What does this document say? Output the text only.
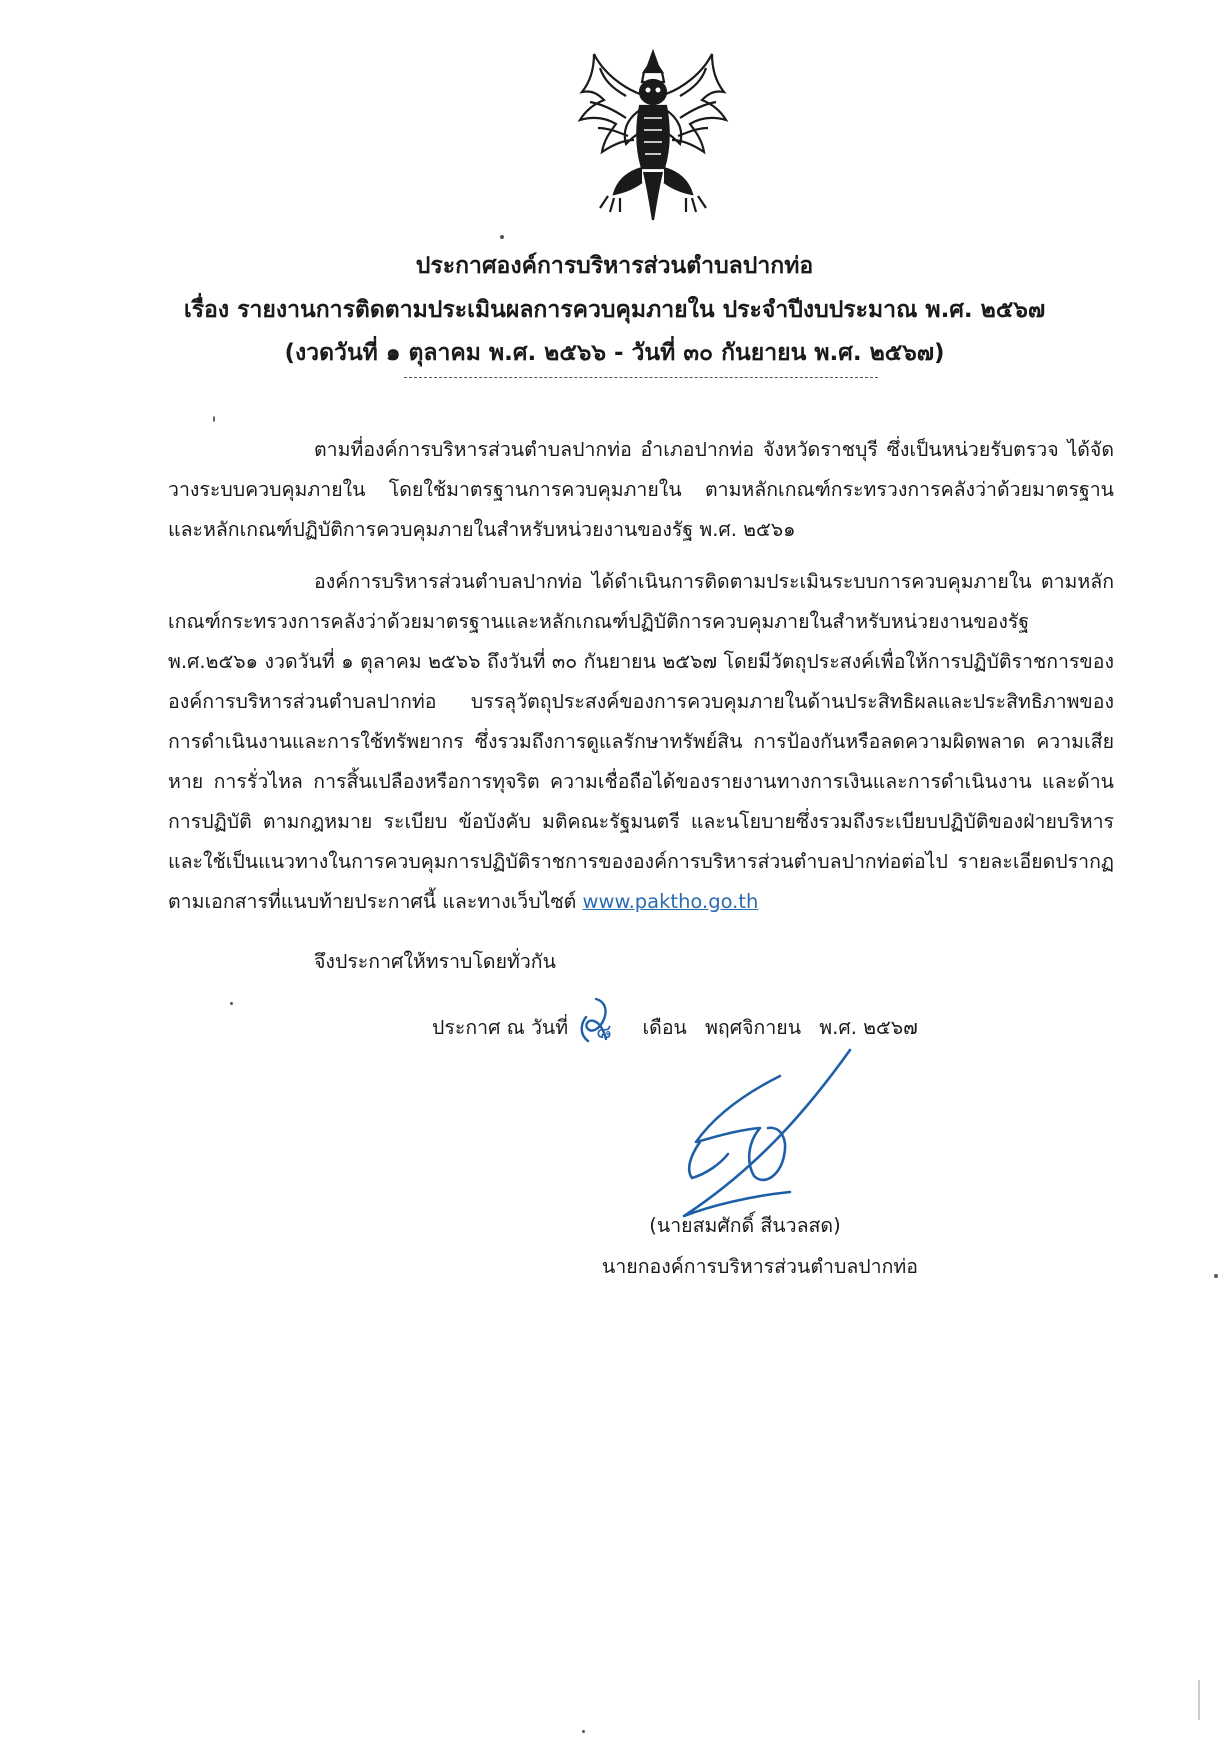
ประกาศองค์การบริหารส่วนตำบลปากท่อ
เรื่อง รายงานการติดตามประเมินผลการควบคุมภายใน ประจำปีงบประมาณ พ.ศ. ๒๕๖๗
(งวดวันที่ ๑ ตุลาคม พ.ศ. ๒๕๖๖ - วันที่ ๓๐ กันยายน พ.ศ. ๒๕๖๗)
ตามที่องค์การบริหารส่วนตำบลปากท่อ อำเภอปากท่อ จังหวัดราชบุรี ซึ่งเป็นหน่วยรับตรวจ ได้จัดวางระบบควบคุมภายใน โดยใช้มาตรฐานการควบคุมภายใน ตามหลักเกณฑ์กระทรวงการคลังว่าด้วยมาตรฐานและหลักเกณฑ์ปฏิบัติการควบคุมภายในสำหรับหน่วยงานของรัฐ พ.ศ. ๒๕๖๑
องค์การบริหารส่วนตำบลปากท่อ ได้ดำเนินการติดตามประเมินระบบการควบคุมภายใน ตามหลักเกณฑ์กระทรวงการคลังว่าด้วยมาตรฐานและหลักเกณฑ์ปฏิบัติการควบคุมภายในสำหรับหน่วยงานของรัฐ พ.ศ.๒๕๖๑ งวดวันที่ ๑ ตุลาคม ๒๕๖๖ ถึงวันที่ ๓๐ กันยายน ๒๕๖๗ โดยมีวัตถุประสงค์เพื่อให้การปฏิบัติราชการขององค์การบริหารส่วนตำบลปากท่อ บรรลุวัตถุประสงค์ของการควบคุมภายในด้านประสิทธิผลและประสิทธิภาพของการดำเนินงานและการใช้ทรัพยากร ซึ่งรวมถึงการดูแลรักษาทรัพย์สิน การป้องกันหรือลดความผิดพลาด ความเสียหาย การรั่วไหล การสิ้นเปลืองหรือการทุจริต ความเชื่อถือได้ของรายงานทางการเงินและการดำเนินงาน และด้านการปฏิบัติ ตามกฎหมาย ระเบียบ ข้อบังคับ มติคณะรัฐมนตรี และนโยบายซึ่งรวมถึงระเบียบปฏิบัติของฝ่ายบริหาร และใช้เป็นแนวทางในการควบคุมการปฏิบัติราชการขององค์การบริหารส่วนตำบลปากท่อต่อไป รายละเอียดปรากฏตามเอกสารที่แนบท้ายประกาศนี้ และทางเว็บไซต์ www.paktho.go.th
จึงประกาศให้ทราบโดยทั่วกัน
ประกาศ ณ วันที่ ๘ เดือน พฤศจิกายน พ.ศ. ๒๕๖๗
(นายสมศักดิ์ สีนวลสด)
นายกองค์การบริหารส่วนตำบลปากท่อ
